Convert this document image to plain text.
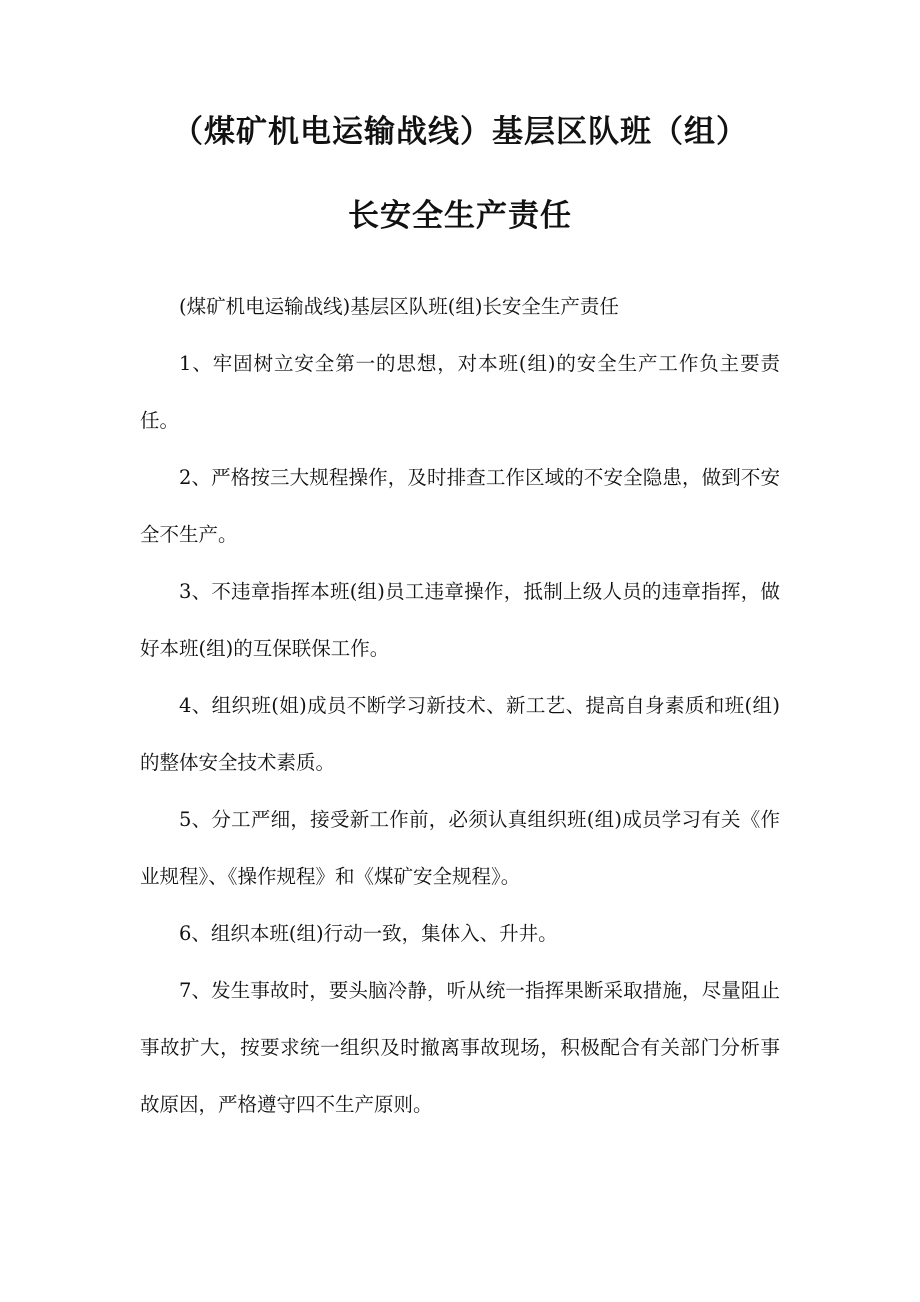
（煤矿机电运输战线）基层区队班（组）
长安全生产责任

(煤矿机电运输战线)基层区队班(组)长安全生产责任

1、牢固树立安全第一的思想，对本班(组)的安全生产工作负主要责任。

2、严格按三大规程操作，及时排查工作区域的不安全隐患，做到不安全不生产。

3、不违章指挥本班(组)员工违章操作，抵制上级人员的违章指挥，做好本班(组)的互保联保工作。

4、组织班(姐)成员不断学习新技术、新工艺、提高自身素质和班(组)的整体安全技术素质。

5、分工严细，接受新工作前，必须认真组织班(组)成员学习有关《作业规程》、《操作规程》和《煤矿安全规程》。

6、组织本班(组)行动一致，集体入、升井。

7、发生事故时，要头脑冷静，听从统一指挥果断采取措施，尽量阻止事故扩大，按要求统一组织及时撤离事故现场，积极配合有关部门分析事故原因，严格遵守四不生产原则。
